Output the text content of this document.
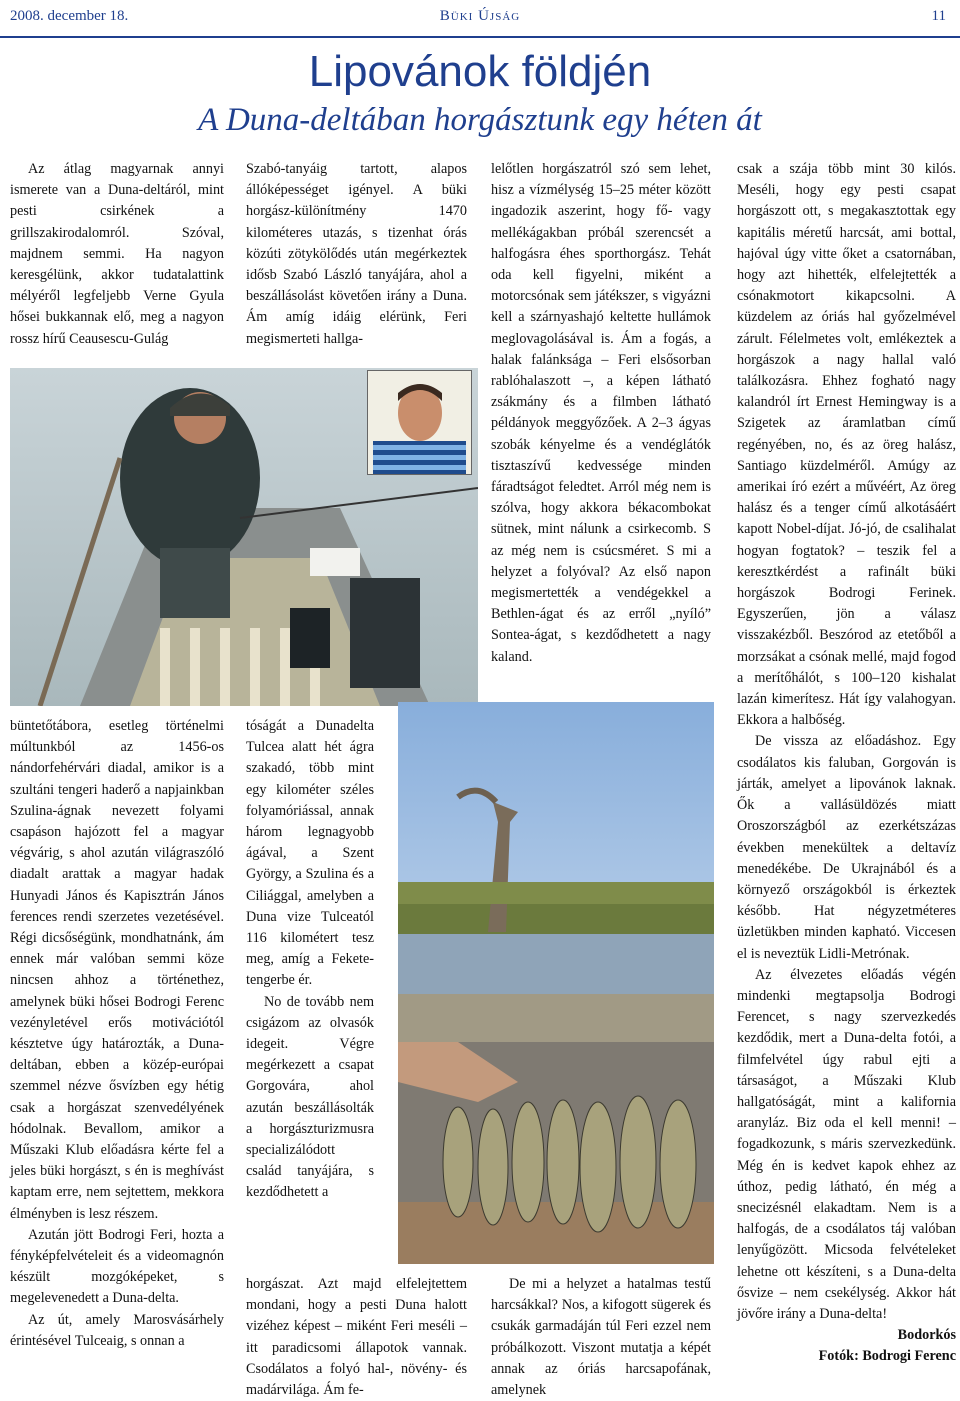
2008. december 18.	Büki Újság	11
Lipovánok földjén
A Duna-deltában horgásztunk egy héten át

Az átlag magyarnak annyi ismerete van a Duna-deltáról, mint pesti csirkének a grillszakirodalomról. Szóval, majdnem semmi. Ha nagyon keresgélünk, akkor tudatalattink mélyéről legfeljebb Verne Gyula hősei bukkannak elő, meg a nagyon rossz hírű Ceausescu-Gulág

büntetőtábora, esetleg történelmi múltunkból az 1456-os nándorfehérvári diadal, amikor is a szultáni tengeri haderő a napjainkban Szulina-ágnak nevezett folyami csapáson hajózott fel a magyar végvárig, s ahol azután világraszóló diadalt arattak a magyar hadak Hunyadi János és Kapisztrán János ferences rendi szerzetes vezetésével. Régi dicsőségünk, mondhatnánk, ám ennek már valóban semmi köze nincsen ahhoz a történethez, amelynek büki hősei Bodrogi Ferenc vezényletével erős motivációtól késztetve úgy határozták, a Duna-deltában, ebben a közép-európai szemmel nézve ősvízben egy hétig csak a horgászat szenvedélyének hódolnak. Bevallom, amikor a Műszaki Klub előadásra kérte fel a jeles büki horgászt, s én is meghívást kaptam erre, nem sejtettem, mekkora élményben is lesz részem.

Azután jött Bodrogi Feri, hozta a fényképfelvételeit és a videomagnón készült mozgóképeket, s megelevenedett a Duna-delta.

Az út, amely Marosvásárhely érintésével Tulceaig, s onnan a

Szabó-tanyáig tartott, alapos állóképességet igényel. A büki horgász-különítmény 1470 kilométeres utazás, s tizenhat órás közúti zötykölődés után megérkeztek idősb Szabó László tanyájára, ahol a beszállásolást követően irány a Duna. Ám amíg idáig elérünk, Feri megismerteti hallga-

tóságát a Dunadelta Tulcea alatt hét ágra szakadó, több mint egy kilométer széles folyamóriással, annak három legnagyobb ágával, a Szent György, a Szulina és a Ciliággal, amelyben a Duna vize Tulceatól 116 kilométert tesz meg, amíg a Fekete-tengerbe ér.

No de tovább nem csigázom az olvasók idegeit. Végre megérkezett a csapat Gorgovára, ahol azután beszállásolták a horgászturizmusra specializálódott család tanyájára, s kezdődhetett a

horgászat. Azt majd elfelejtettem mondani, hogy a pesti Duna halott vizéhez képest – miként Feri meséli – itt paradicsomi állapotok vannak. Csodálatos a folyó hal-, növény- és madárvilága. Ám fe-

lelőtlen horgászatról szó sem lehet, hisz a vízmélység 15–25 méter között ingadozik aszerint, hogy fő- vagy mellékágakban próbál szerencsét a halfogásra éhes sporthorgász. Tehát oda kell figyelni, miként a motorcsónak sem játékszer, s vigyázni kell a szárnyashajó keltette hullámok meglovagolásával is. Ám a fogás, a halak falánksága – Feri elsősorban rablóhalaszott –, a képen látható zsákmány és a filmben látható példányok meggyőzőek. A 2–3 ágyas szobák kényelme és a vendéglátók tisztaszívű kedvessége minden fáradtságot feledtet. Arról még nem is szólva, hogy akkora békacombokat sütnek, mint nálunk a csirkecomb. S az még nem is csúcsméret. S mi a helyzet a folyóval? Az első napon megismertették a vendégekkel a Bethlen-ágat és az erről „nyíló” Sontea-ágat, s kezdődhetett a nagy kaland.

De mi a helyzet a hatalmas testű harcsákkal? Nos, a kifogott sügerek és csukák garmadáján túl Feri ezzel nem próbálkozott. Viszont mutatja a képét annak az óriás harcsapofának, amelynek

csak a szája több mint 30 kilós. Meséli, hogy egy pesti csapat horgászott ott, s megakasztottak egy kapitális méretű harcsát, ami bottal, hajóval úgy vitte őket a csatornában, hogy azt hihették, elfelejtették a csónakmotort kikapcsolni. A küzdelem az óriás hal győzelmével zárult. Félelmetes volt, emlékeztek a horgászok a nagy hallal való találkozásra. Ehhez fogható nagy kalandról írt Ernest Hemingway is a Szigetek az áramlatban című regényében, no, és az öreg halász, Santiago küzdelméről. Amúgy az amerikai író ezért a művéért, Az öreg halász és a tenger című alkotásáért kapott Nobel-díjat. Jó-jó, de csalihalat hogyan fogtatok? – teszik fel a keresztkérdést a rafinált büki horgászok Bodrogi Ferinek. Egyszerűen, jön a válasz visszakézből. Beszórod az etetőből a morzsákat a csónak mellé, majd fogod a merítőhálót, s 100–120 kishalat lazán kimerítesz. Hát így valahogyan. Ekkora a halbőség.

De vissza az előadáshoz. Egy csodálatos kis faluban, Gorgován is járták, amelyet a lipovánok laknak. Ők a vallásüldözés miatt Oroszországból az ezerkétszázas években menekültek a deltavíz menedékébe. De Ukrajnából és a környező országokból is érkeztek később. Hat négyzetméteres üzletükben minden kapható. Viccesen el is neveztük Lidli-Metrónak.

Az élvezetes előadás végén mindenki megtapsolja Bodrogi Ferencet, s nagy szervezkedés kezdődik, mert a Duna-delta fotói, a filmfelvétel úgy rabul ejti a társaságot, a Műszaki Klub hallgatóságát, mint a kalifornia aranyláz. Biz oda el kell menni! – fogadkozunk, s máris szervezkedünk. Még én is kedvet kapok ehhez az úthoz, pedig látható, én még a snecizésnél elakadtam. Nem is a halfogás, de a csodálatos táj valóban lenyűgözött. Micsoda felvételeket lehetne ott készíteni, s a Duna-delta ősvize – nem csekélység. Akkor hát jövőre irány a Duna-delta!

Bodorkós

Fotók: Bodrogi Ferenc
